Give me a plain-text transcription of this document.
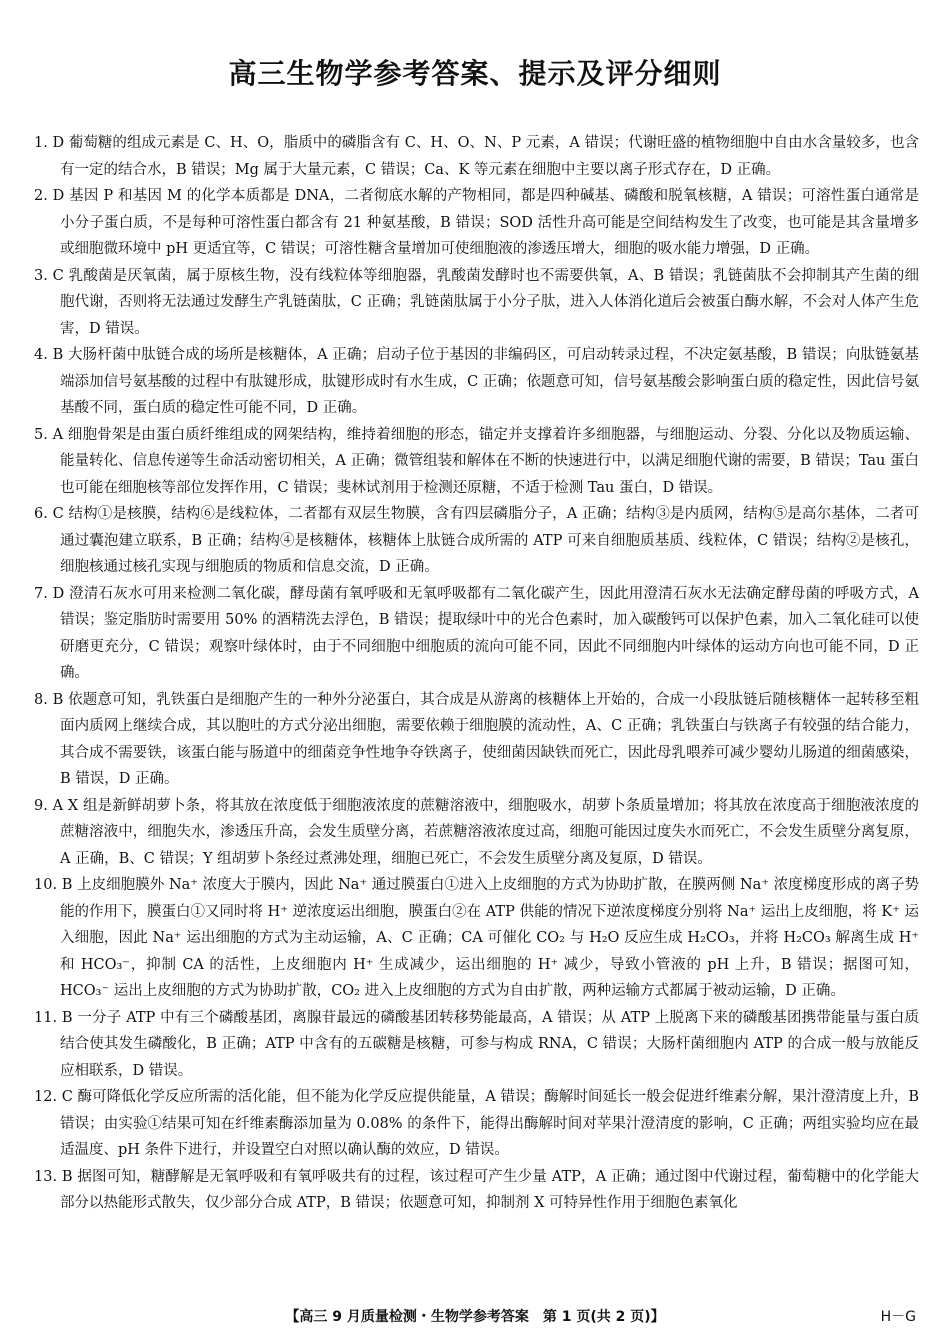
高三生物学参考答案、提示及评分细则
1. D 葡萄糖的组成元素是 C、H、O，脂质中的磷脂含有 C、H、O、N、P 元素，A 错误；代谢旺盛的植物细胞中自由水含量较多，也含有一定的结合水，B 错误；Mg 属于大量元素，C 错误；Ca、K 等元素在细胞中主要以离子形式存在，D 正确。
2. D 基因 P 和基因 M 的化学本质都是 DNA，二者彻底水解的产物相同，都是四种碱基、磷酸和脱氧核糖，A 错误；可溶性蛋白通常是小分子蛋白质，不是每种可溶性蛋白都含有 21 种氨基酸，B 错误；SOD 活性升高可能是空间结构发生了改变，也可能是其含量增多或细胞微环境中 pH 更适宜等，C 错误；可溶性糖含量增加可使细胞液的渗透压增大，细胞的吸水能力增强，D 正确。
3. C 乳酸菌是厌氧菌，属于原核生物，没有线粒体等细胞器，乳酸菌发酵时也不需要供氧，A、B 错误；乳链菌肽不会抑制其产生菌的细胞代谢，否则将无法通过发酵生产乳链菌肽，C 正确；乳链菌肽属于小分子肽，进入人体消化道后会被蛋白酶水解，不会对人体产生危害，D 错误。
4. B 大肠杆菌中肽链合成的场所是核糖体，A 正确；启动子位于基因的非编码区，可启动转录过程，不决定氨基酸，B 错误；向肽链氨基端添加信号氨基酸的过程中有肽键形成，肽键形成时有水生成，C 正确；依题意可知，信号氨基酸会影响蛋白质的稳定性，因此信号氨基酸不同，蛋白质的稳定性可能不同，D 正确。
5. A 细胞骨架是由蛋白质纤维组成的网架结构，维持着细胞的形态，锚定并支撑着许多细胞器，与细胞运动、分裂、分化以及物质运输、能量转化、信息传递等生命活动密切相关，A 正确；微管组装和解体在不断的快速进行中，以满足细胞代谢的需要，B 错误；Tau 蛋白也可能在细胞核等部位发挥作用，C 错误；斐林试剂用于检测还原糖，不适于检测 Tau 蛋白，D 错误。
6. C 结构①是核膜，结构⑥是线粒体，二者都有双层生物膜，含有四层磷脂分子，A 正确；结构③是内质网，结构⑤是高尔基体，二者可通过囊泡建立联系，B 正确；结构④是核糖体，核糖体上肽链合成所需的 ATP 可来自细胞质基质、线粒体，C 错误；结构②是核孔，细胞核通过核孔实现与细胞质的物质和信息交流，D 正确。
7. D 澄清石灰水可用来检测二氧化碳，酵母菌有氧呼吸和无氧呼吸都有二氧化碳产生，因此用澄清石灰水无法确定酵母菌的呼吸方式，A 错误；鉴定脂肪时需要用 50% 的酒精洗去浮色，B 错误；提取绿叶中的光合色素时，加入碳酸钙可以保护色素，加入二氧化硅可以使研磨更充分，C 错误；观察叶绿体时，由于不同细胞中细胞质的流向可能不同，因此不同细胞内叶绿体的运动方向也可能不同，D 正确。
8. B 依题意可知，乳铁蛋白是细胞产生的一种外分泌蛋白，其合成是从游离的核糖体上开始的，合成一小段肽链后随核糖体一起转移至粗面内质网上继续合成，其以胞吐的方式分泌出细胞，需要依赖于细胞膜的流动性，A、C 正确；乳铁蛋白与铁离子有较强的结合能力，其合成不需要铁，该蛋白能与肠道中的细菌竞争性地争夺铁离子，使细菌因缺铁而死亡，因此母乳喂养可减少婴幼儿肠道的细菌感染，B 错误，D 正确。
9. A X 组是新鲜胡萝卜条，将其放在浓度低于细胞液浓度的蔗糖溶液中，细胞吸水，胡萝卜条质量增加；将其放在浓度高于细胞液浓度的蔗糖溶液中，细胞失水，渗透压升高，会发生质壁分离，若蔗糖溶液浓度过高，细胞可能因过度失水而死亡，不会发生质壁分离复原，A 正确，B、C 错误；Y 组胡萝卜条经过煮沸处理，细胞已死亡，不会发生质壁分离及复原，D 错误。
10. B 上皮细胞膜外 Na⁺ 浓度大于膜内，因此 Na⁺ 通过膜蛋白①进入上皮细胞的方式为协助扩散，在膜两侧 Na⁺ 浓度梯度形成的离子势能的作用下，膜蛋白①又同时将 H⁺ 逆浓度运出细胞，膜蛋白②在 ATP 供能的情况下逆浓度梯度分别将 Na⁺ 运出上皮细胞，将 K⁺ 运入细胞，因此 Na⁺ 运出细胞的方式为主动运输，A、C 正确；CA 可催化 CO₂ 与 H₂O 反应生成 H₂CO₃，并将 H₂CO₃ 解离生成 H⁺ 和 HCO₃⁻，抑制 CA 的活性，上皮细胞内 H⁺ 生成减少，运出细胞的 H⁺ 减少，导致小管液的 pH 上升，B 错误；据图可知，HCO₃⁻ 运出上皮细胞的方式为协助扩散，CO₂ 进入上皮细胞的方式为自由扩散，两种运输方式都属于被动运输，D 正确。
11. B 一分子 ATP 中有三个磷酸基团，离腺苷最远的磷酸基团转移势能最高，A 错误；从 ATP 上脱离下来的磷酸基团携带能量与蛋白质结合使其发生磷酸化，B 正确；ATP 中含有的五碳糖是核糖，可参与构成 RNA，C 错误；大肠杆菌细胞内 ATP 的合成一般与放能反应相联系，D 错误。
12. C 酶可降低化学反应所需的活化能，但不能为化学反应提供能量，A 错误；酶解时间延长一般会促进纤维素分解，果汁澄清度上升，B 错误；由实验①结果可知在纤维素酶添加量为 0.08% 的条件下，能得出酶解时间对苹果汁澄清度的影响，C 正确；两组实验均应在最适温度、pH 条件下进行，并设置空白对照以确认酶的效应，D 错误。
13. B 据图可知，糖酵解是无氧呼吸和有氧呼吸共有的过程，该过程可产生少量 ATP，A 正确；通过图中代谢过程，葡萄糖中的化学能大部分以热能形式散失，仅少部分合成 ATP，B 错误；依题意可知，抑制剂 X 可特异性作用于细胞色素氧化
【高三 9 月质量检测・生物学参考答案　第 1 页(共 2 页)】	H－G
